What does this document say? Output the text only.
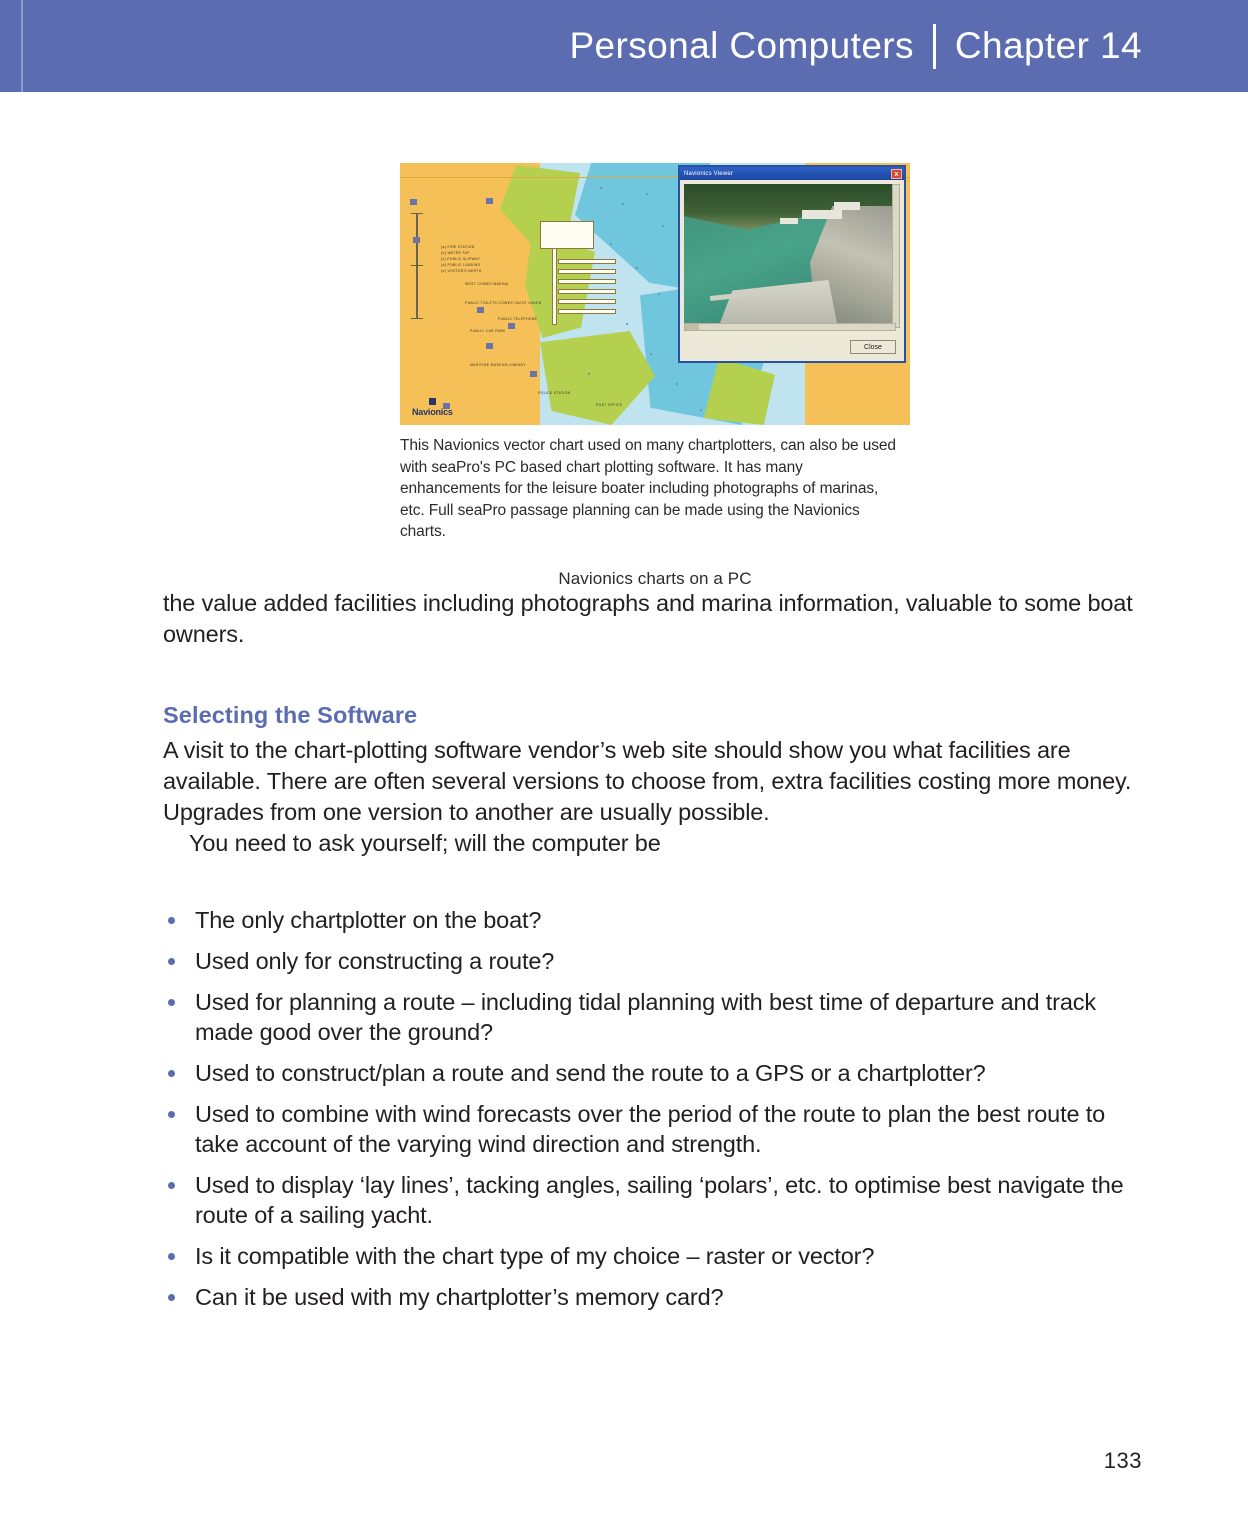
Personal Computers Chapter 14
(a) FIRE STATION
(b) WATER TAP
(c) PUBLIC SLIPWAY
(d) PUBLIC LANDING
(e) VISITOR'S BERTH
WEST COWES MARINA
PUBLIC TOILETS COWES YACHT HAVEN
PUBLIC TELEPHONE
PUBLIC CAR PARK
MARITIME MUSEUM LIBRARY
POLICE STATION
POST OFFICE
Navionics
Navionics Viewer	x
Close
This Navionics vector chart used on many chartplotters, can also be used with seaPro's PC based chart plotting software. It has many enhancements for the leisure boater including photographs of marinas, etc. Full seaPro passage planning can be made using the Navionics charts.
Navionics charts on a PC

the value added facilities including photographs and marina information, valuable to some boat owners.

Selecting the Software

A visit to the chart-plotting software vendor’s web site should show you what facilities are available. There are often several versions to choose from, extra facilities costing more money. Upgrades from one version to another are usually possible.

You need to ask yourself; will the computer be

The only chartplotter on the boat?
Used only for constructing a route?
Used for planning a route – including tidal planning with best time of departure and track made good over the ground?
Used to construct/plan a route and send the route to a GPS or a chartplotter?
Used to combine with wind forecasts over the period of the route to plan the best route to take account of the varying wind direction and strength.
Used to display ‘lay lines’, tacking angles, sailing ‘polars’, etc. to optimise best navigate the route of a sailing yacht.
Is it compatible with the chart type of my choice – raster or vector?
Can it be used with my chartplotter’s memory card?
133
